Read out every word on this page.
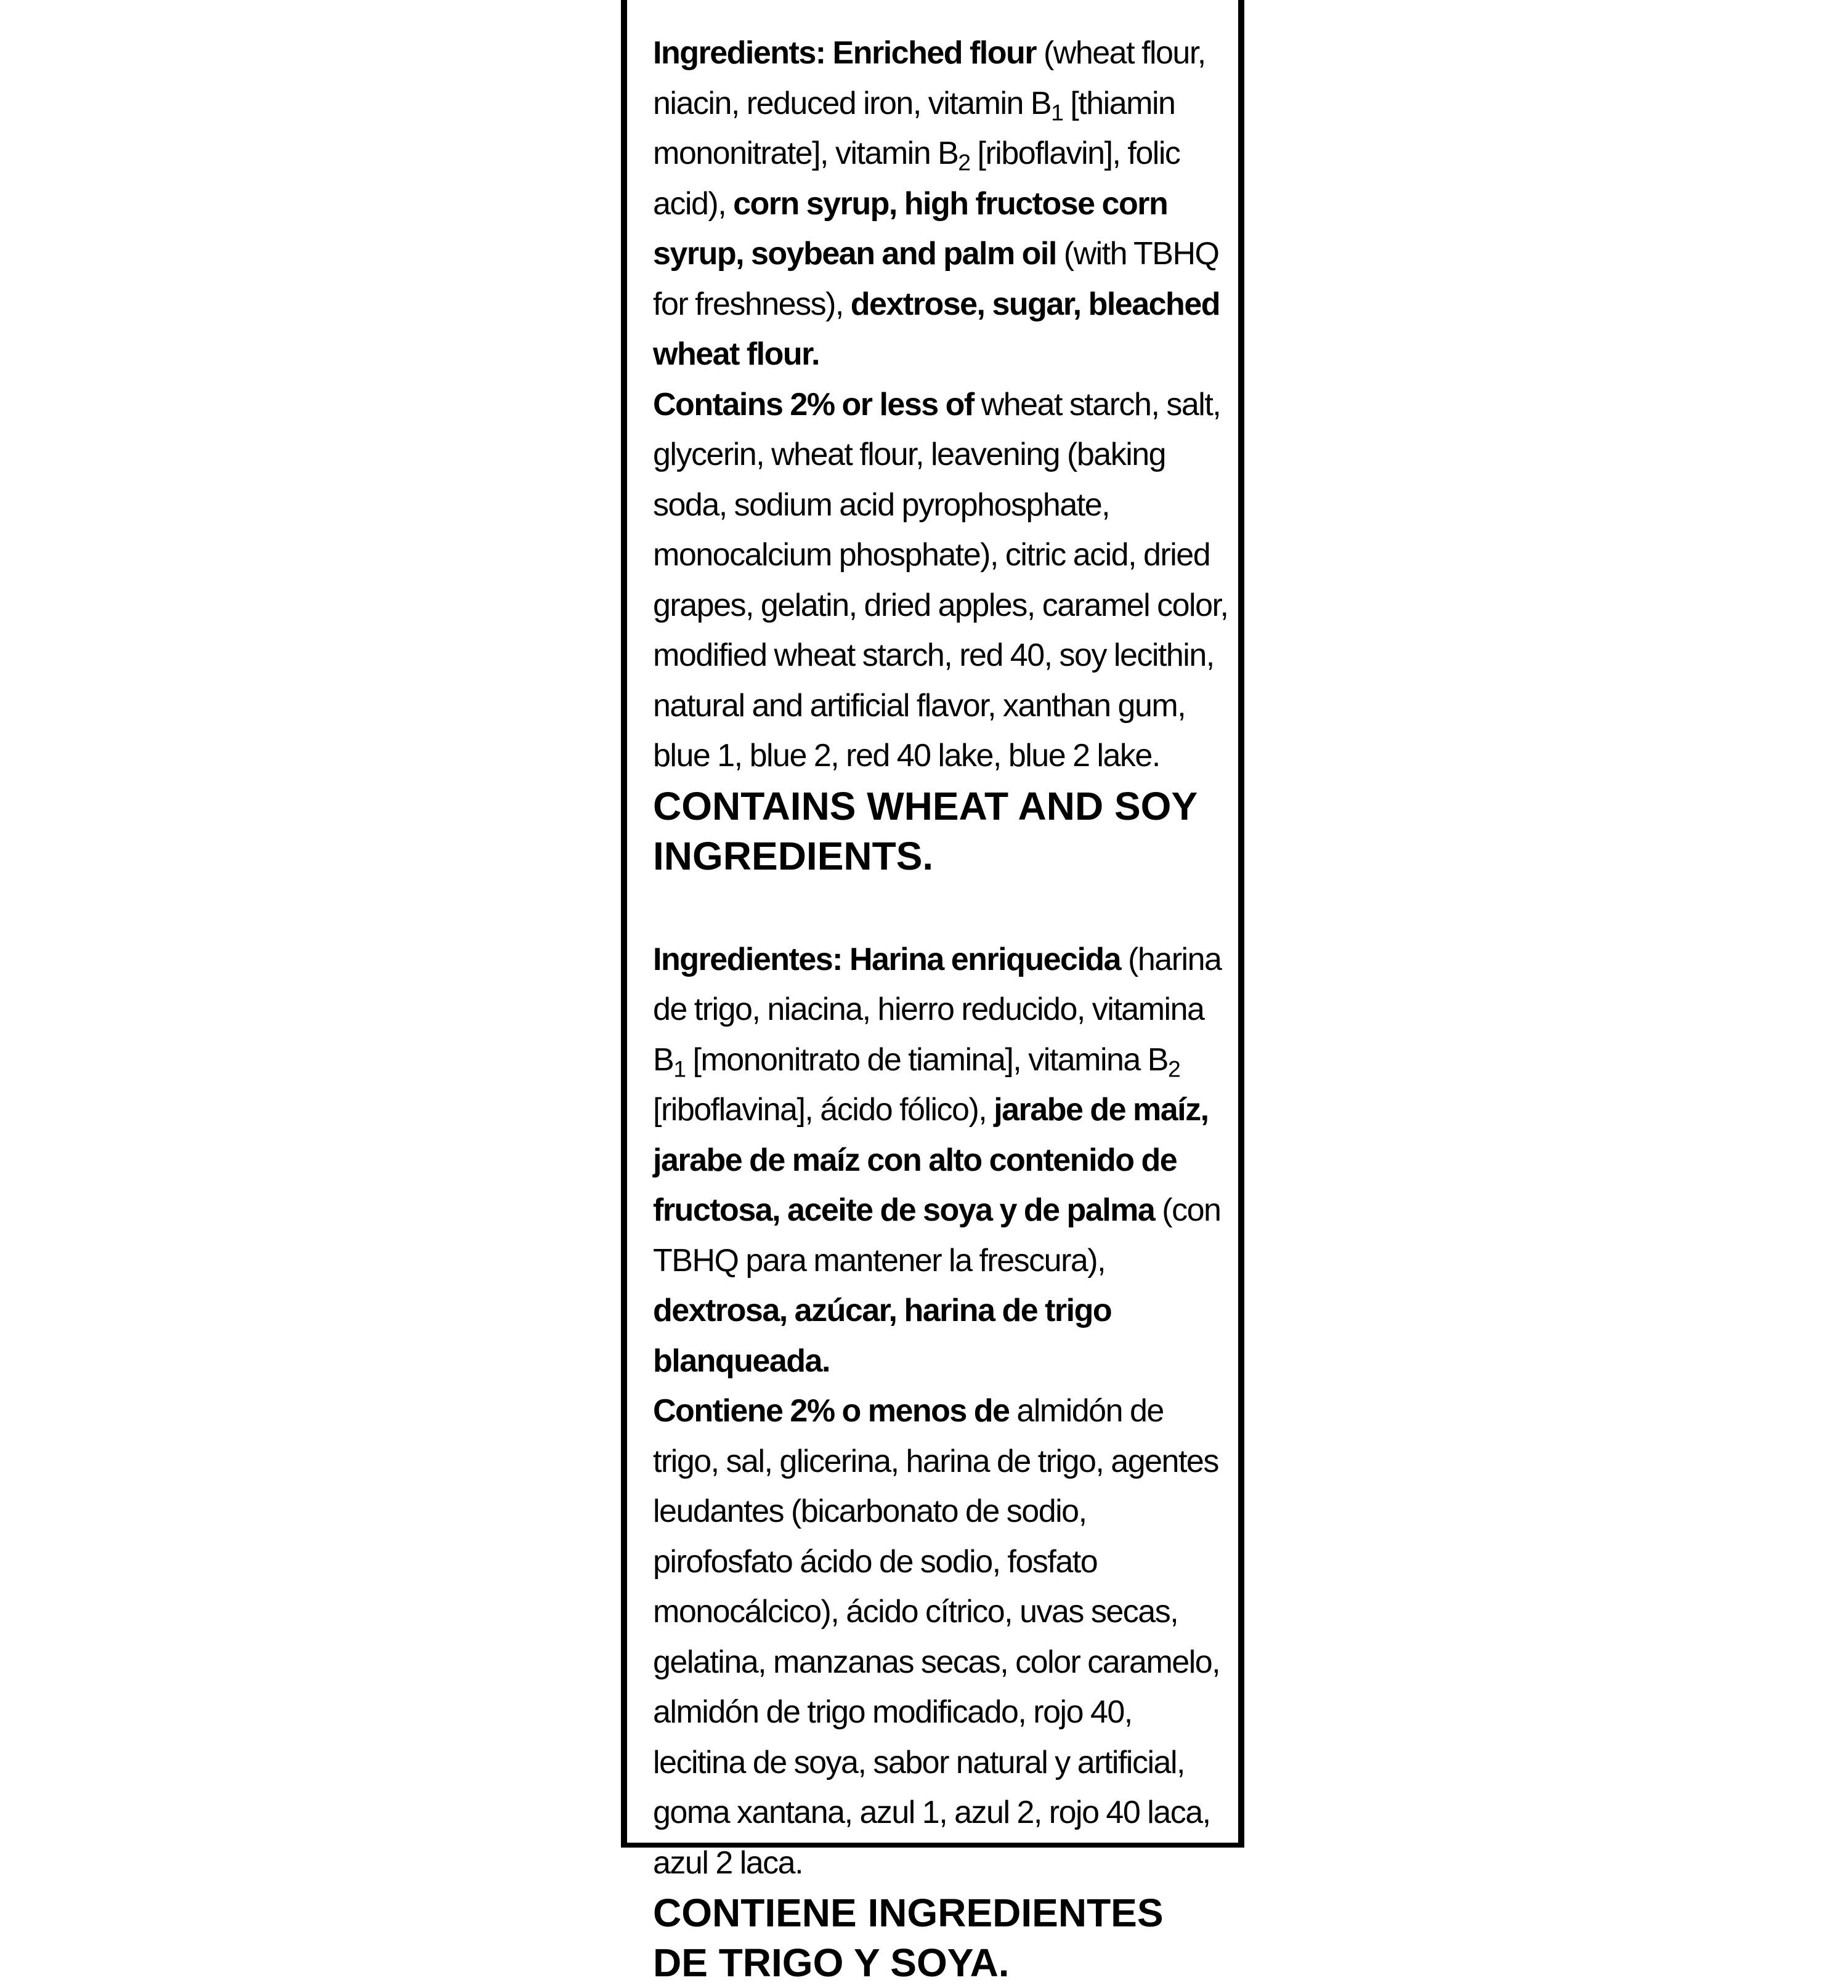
Ingredients: Enriched flour (wheat flour, niacin, reduced iron, vitamin $B_1$ [thiamin mononitrate], vitamin $B_2$ [riboflavin], folic acid), corn syrup, high fructose corn syrup, soybean and palm oil (with TBHQ for freshness), dextrose, sugar, bleached wheat flour.

Contains 2% or less of wheat starch, salt, glycerin, wheat flour, leavening (baking soda, sodium acid pyrophosphate, monocalcium phosphate), citric acid, dried grapes, gelatin, dried apples, caramel color, modified wheat starch, red 40, soy lecithin, natural and artificial flavor, xanthan gum, blue 1, blue 2, red 40 lake, blue 2 lake.

CONTAINS WHEAT AND SOY INGREDIENTS.

Ingredientes: Harina enriquecida (harina de trigo, niacina, hierro reducido, vitamina $B_1$ [mononitrato de tiamina], vitamina $B_2$ [riboflavina], ácido fólico), jarabe de maíz, jarabe de maíz con alto contenido de fructosa, aceite de soya y de palma (con TBHQ para mantener la frescura), dextrosa, azúcar, harina de trigo blanqueada.

Contiene 2% o menos de almidón de trigo, sal, glicerina, harina de trigo, agentes leudantes (bicarbonato de sodio, pirofosfato ácido de sodio, fosfato monocálcico), ácido cítrico, uvas secas, gelatina, manzanas secas, color caramelo, almidón de trigo modificado, rojo 40, lecitina de soya, sabor natural y artificial, goma xantana, azul 1, azul 2, rojo 40 laca, azul 2 laca.

CONTIENE INGREDIENTES DE TRIGO Y SOYA.
